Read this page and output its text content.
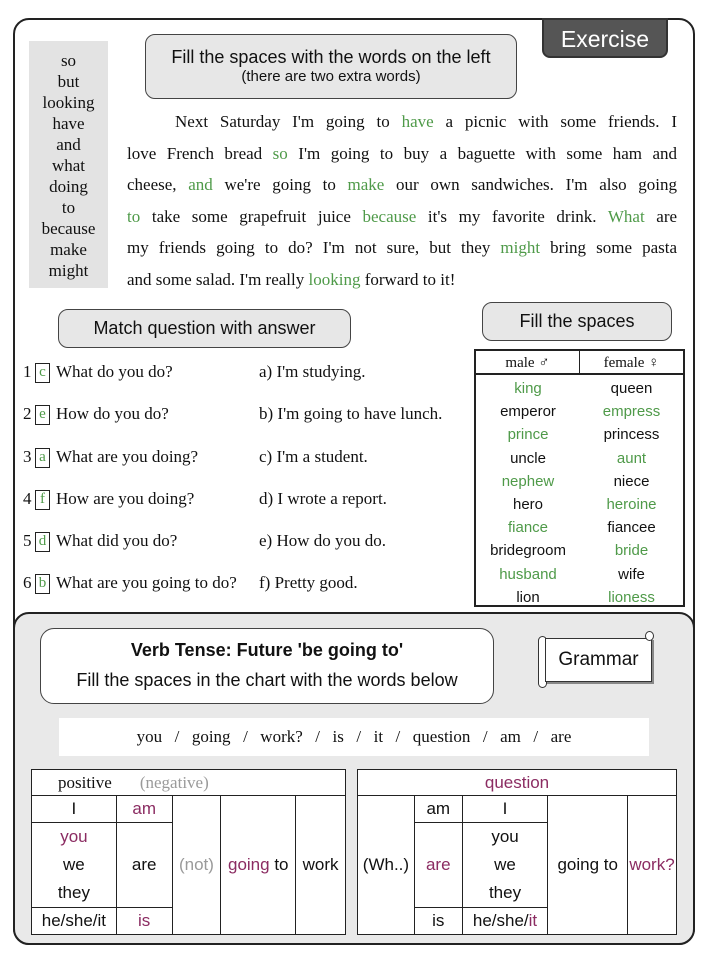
Exercise
so
but
looking
have
and
what
doing
to
because
make
might
Fill the spaces with the words on the left
(there are two extra words)
Next Saturday I'm going to have a picnic with some friends. I
love French bread so I'm going to buy a baguette with some ham and
cheese, and we're going to make our own sandwiches. I'm also going
to take some grapefruit juice because it's my favorite drink. What are
my friends going to do? I'm not sure, but they might bring some pasta
and some salad. I'm really looking forward to it!
Match question with answer
1 c What do you do?	a) I'm studying.
2 e How do you do?	b) I'm going to have lunch.
3 a What are you doing?	c) I'm a student.
4 f How are you doing?	d) I wrote a report.
5 d What did you do?	e) How do you do.
6 b What are you going to do? f) Pretty good.
Fill the spaces
male ♂	female ♀
king	queen
emperor	empress
prince	princess
uncle	aunt
nephew	niece
hero	heroine
fiance	fiancee
bridegroom	bride
husband	wife
lion	lioness
Verb Tense: Future 'be going to'
Fill the spaces in the chart with the words below
Grammar
you  /  going  /  work?  /  is  /  it  /  question  /  am  /  are
positive (negative)				
I	am	(not)	going to	work

you
we
they	are			
he/she/it	is			
question				
(Wh..)	am	I	going to	work?
	are	you
we
they		

	is	he/she/it		
